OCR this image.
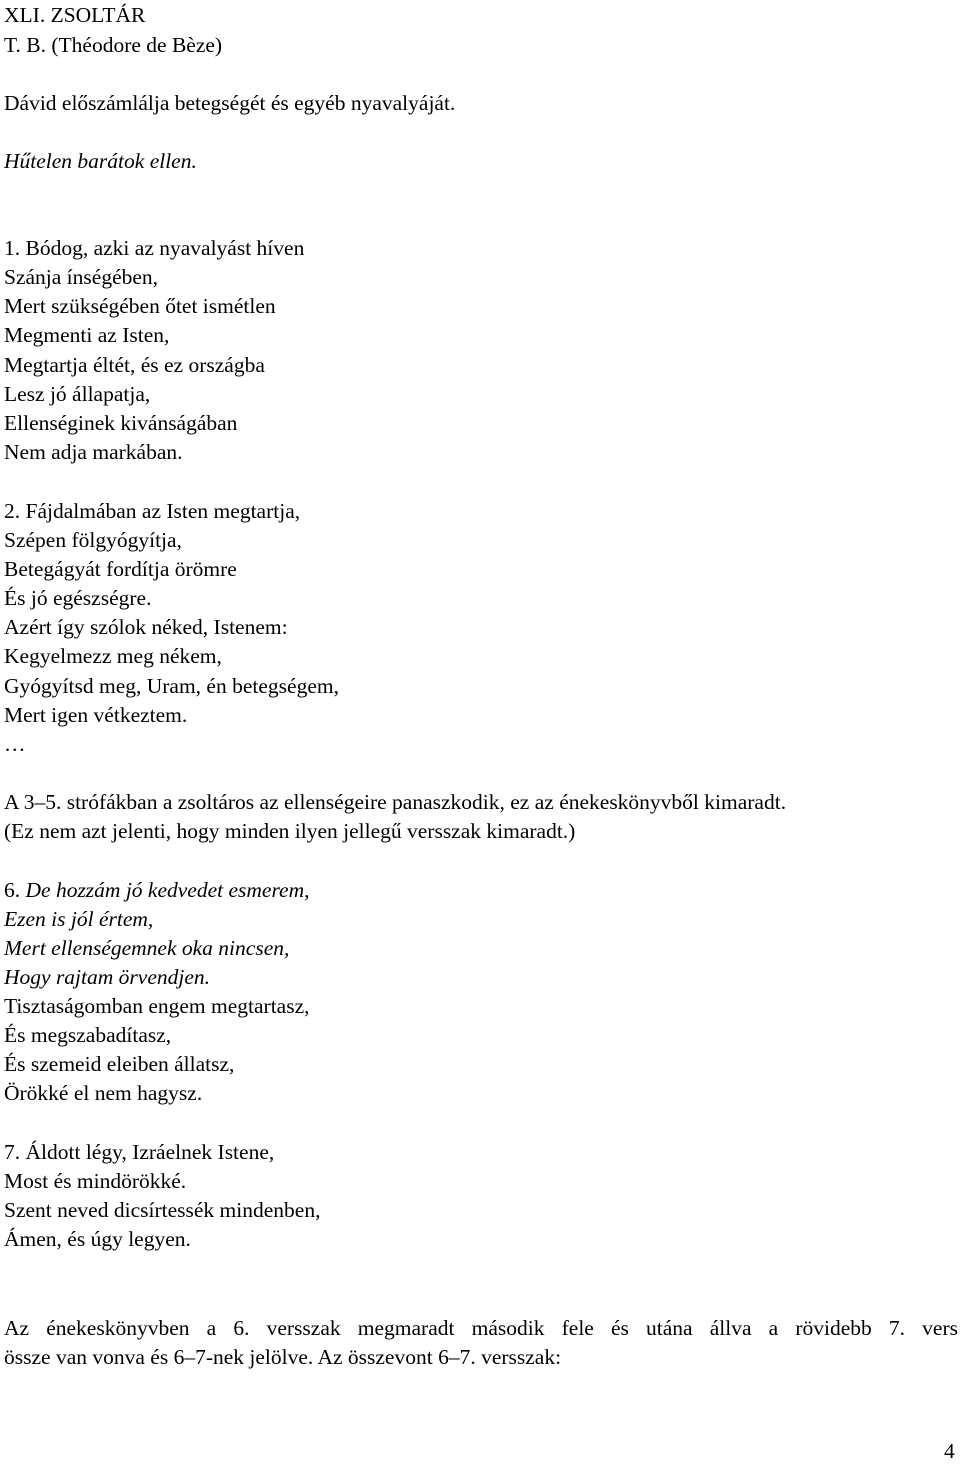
XLI. ZSOLTÁR
T. B. (Théodore de Bèze)
Dávid előszámlálja betegségét és egyéb nyavalyáját.
Hűtelen barátok ellen.
1. Bódog, azki az nyavalyást híven
Szánja ínségében,
Mert szükségében őtet ismétlen
Megmenti az Isten,
Megtartja éltét, és ez országba
Lesz jó állapatja,
Ellenséginek kivánságában
Nem adja markában.
2. Fájdalmában az Isten megtartja,
Szépen fölgyógyítja,
Betegágyát fordítja örömre
És jó egészségre.
Azért így szólok néked, Istenem:
Kegyelmezz meg nékem,
Gyógyítsd meg, Uram, én betegségem,
Mert igen vétkeztem.
…
A 3–5. strófákban a zsoltáros az ellenségeire panaszkodik, ez az énekeskönyvből kimaradt.
(Ez nem azt jelenti, hogy minden ilyen jellegű versszak kimaradt.)
6. De hozzám jó kedvedet esmerem,
Ezen is jól értem,
Mert ellenségemnek oka nincsen,
Hogy rajtam örvendjen.
Tisztaságomban engem megtartasz,
És megszabadítasz,
És szemeid eleiben állatsz,
Örökké el nem hagysz.
7. Áldott légy, Izráelnek Istene,
Most és mindörökké.
Szent neved dicsírtessék mindenben,
Ámen, és úgy legyen.
Az énekeskönyvben a 6. versszak megmaradt második fele és utána állva a rövidebb 7. vers
össze van vonva és 6–7-nek jelölve. Az összevont 6–7. versszak:
4
